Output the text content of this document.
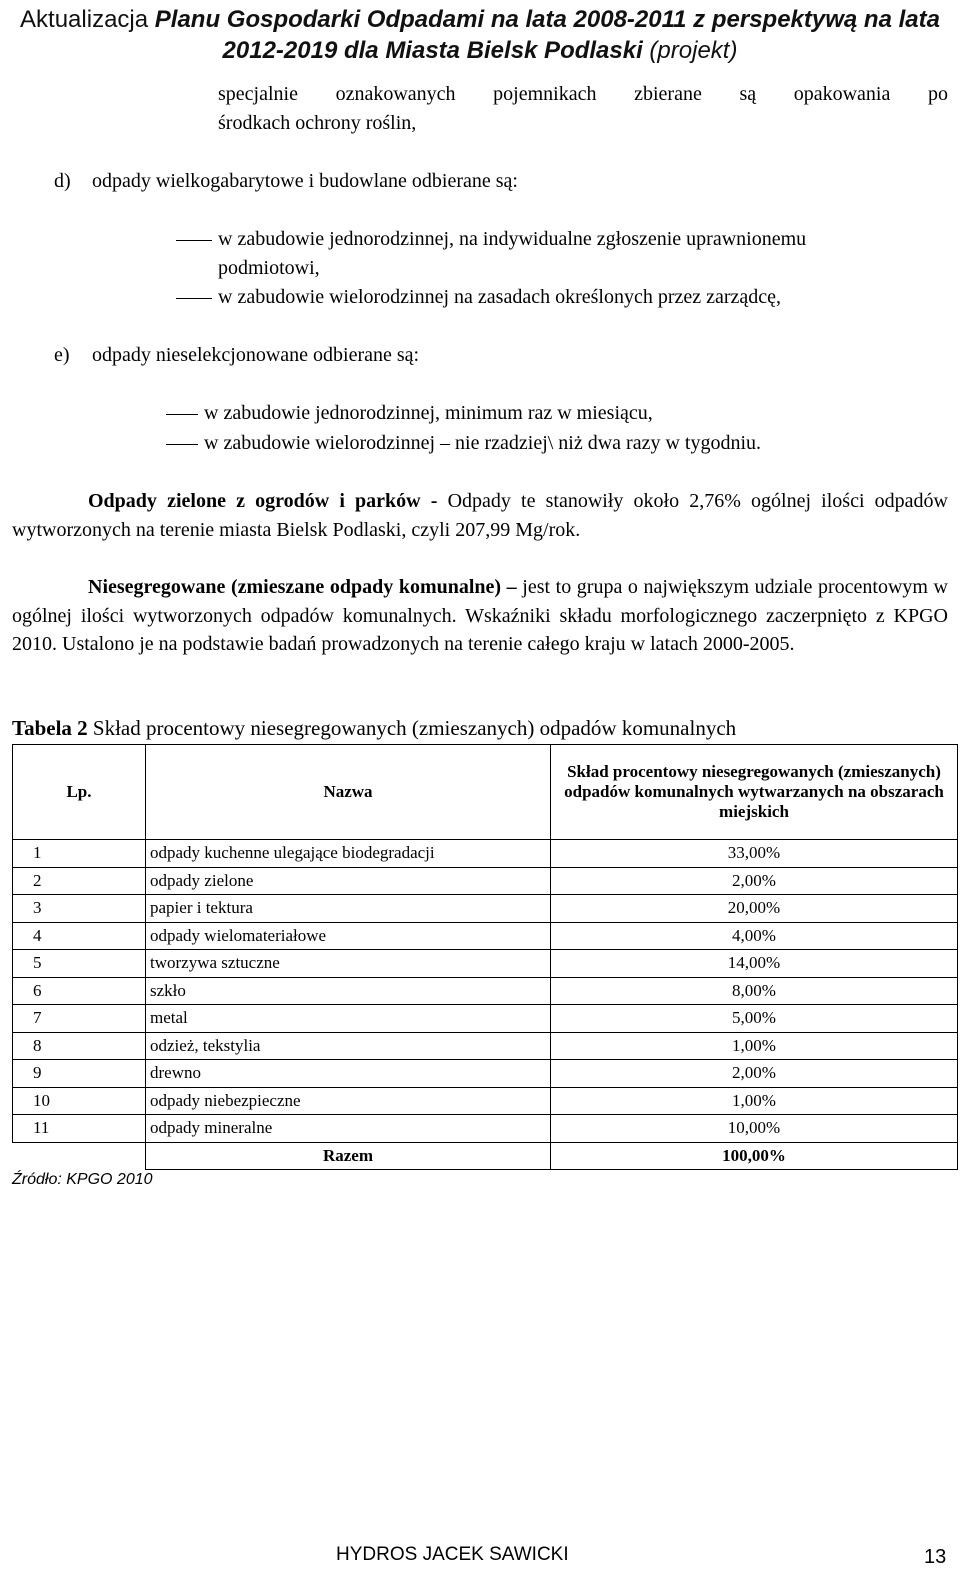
Aktualizacja Planu Gospodarki Odpadami na lata 2008-2011 z perspektywą na lata 2012-2019 dla Miasta Bielsk Podlaski (projekt)
specjalnie oznakowanych pojemnikach zbierane są opakowania po
środkach ochrony roślin,
d) odpady wielkogabarytowe i budowlane odbierane są:
w zabudowie jednorodzinnej, na indywidualne zgłoszenie uprawnionemu
podmiotowi,
w zabudowie wielorodzinnej na zasadach określonych przez zarządcę,
e) odpady nieselekcjonowane odbierane są:
w zabudowie jednorodzinnej, minimum raz w miesiącu,
w zabudowie wielorodzinnej – nie rzadziej\ niż dwa razy w tygodniu.
Odpady zielone z ogrodów i parków - Odpady te stanowiły około 2,76% ogólnej ilości odpadów wytworzonych na terenie miasta Bielsk Podlaski, czyli 207,99 Mg/rok.
Niesegregowane (zmieszane odpady komunalne) – jest to grupa o największym udziale procentowym w ogólnej ilości wytworzonych odpadów komunalnych. Wskaźniki składu morfologicznego zaczerpnięto z KPGO 2010. Ustalono je na podstawie badań prowadzonych na terenie całego kraju w latach 2000-2005.
Tabela 2 Skład procentowy niesegregowanych (zmieszanych) odpadów komunalnych
Lp.	Nazwa	Skład procentowy niesegregowanych (zmieszanych) odpadów komunalnych wytwarzanych na obszarach miejskich
1	odpady kuchenne ulegające biodegradacji	33,00%
2	odpady zielone	2,00%
3	papier i tektura	20,00%
4	odpady wielomateriałowe	4,00%
5	tworzywa sztuczne	14,00%
6	szkło	8,00%
7	metal	5,00%
8	odzież, tekstylia	1,00%
9	drewno	2,00%
10	odpady niebezpieczne	1,00%
11	odpady mineralne	10,00%
	Razem	100,00%
Źródło: KPGO 2010
HYDROS JACEK SAWICKI	13
